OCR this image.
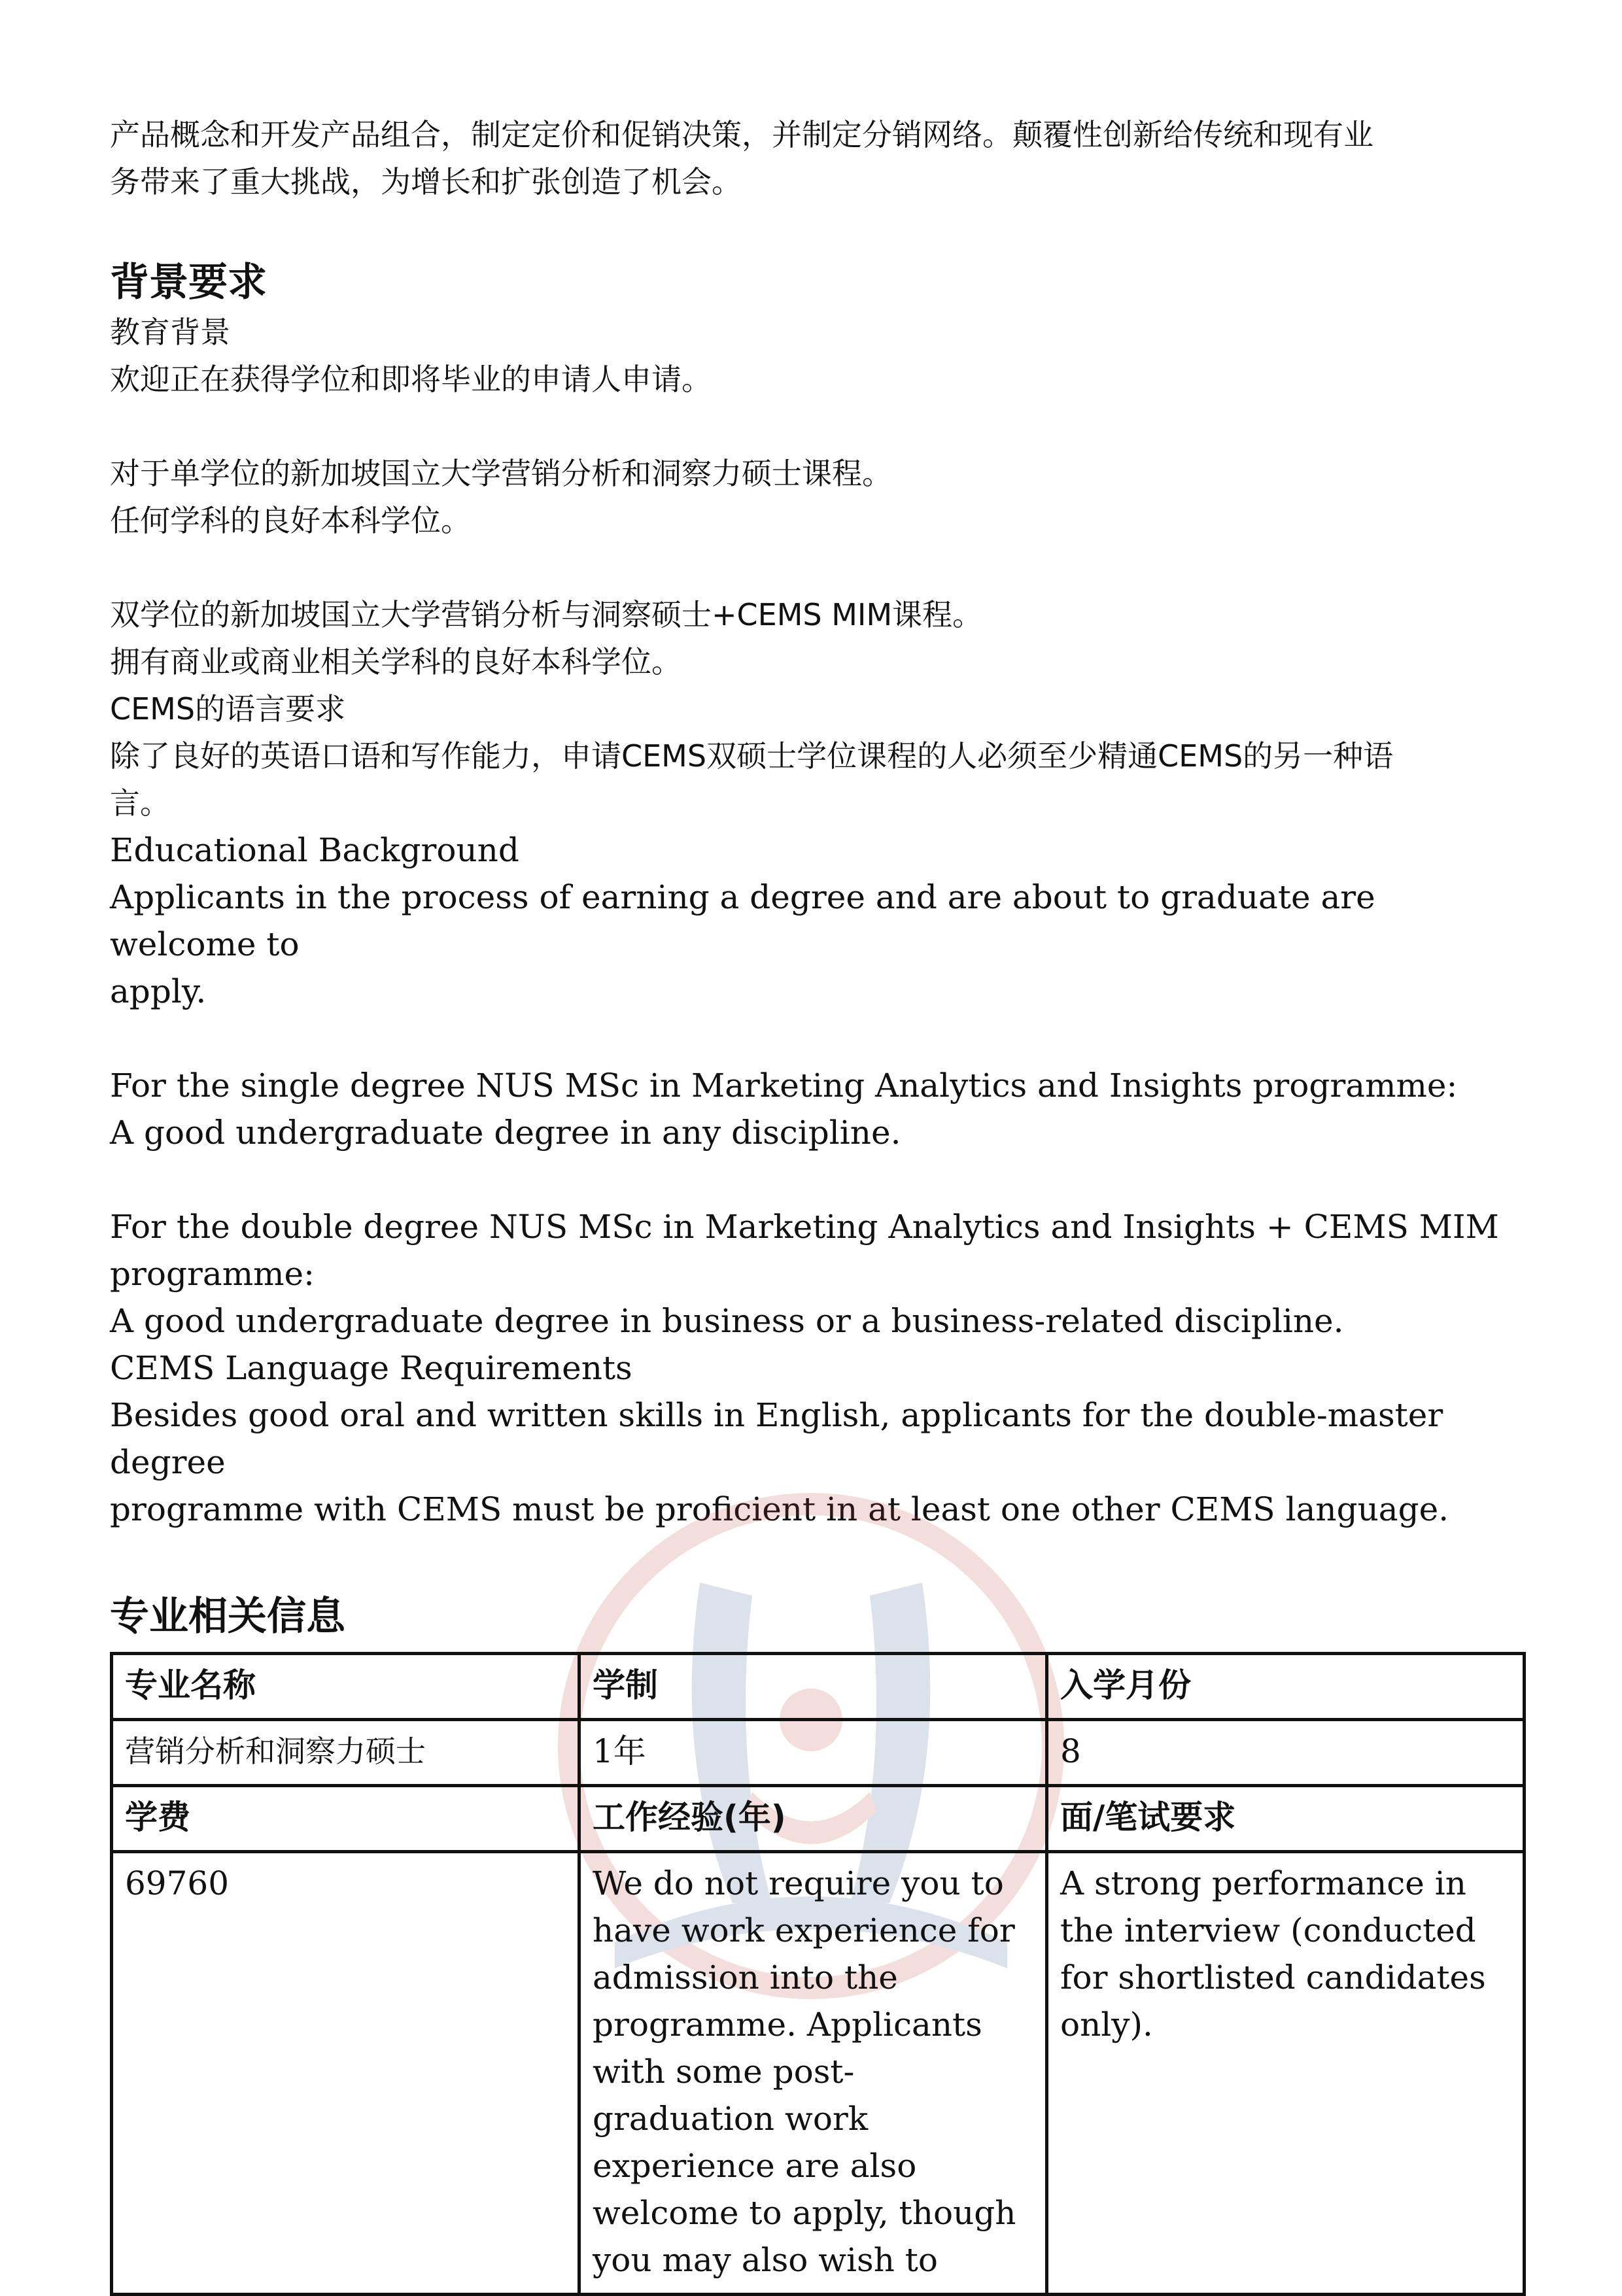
产品概念和开发产品组合，制定定价和促销决策，并制定分销网络。颠覆性创新给传统和现有业

务带来了重大挑战，为增长和扩张创造了机会。

背景要求

教育背景

欢迎正在获得学位和即将毕业的申请人申请。

对于单学位的新加坡国立大学营销分析和洞察力硕士课程。

任何学科的良好本科学位。

双学位的新加坡国立大学营销分析与洞察硕士+CEMS MIM课程。

拥有商业或商业相关学科的良好本科学位。

CEMS的语言要求

除了良好的英语口语和写作能力，申请CEMS双硕士学位课程的人必须至少精通CEMS的另一种语

言。

Educational Background

Applicants in the process of earning a degree and are about to graduate are welcome to

apply.

For the single degree NUS MSc in Marketing Analytics and Insights programme:

A good undergraduate degree in any discipline.

For the double degree NUS MSc in Marketing Analytics and Insights + CEMS MIM

programme:

A good undergraduate degree in business or a business-related discipline.

CEMS Language Requirements

Besides good oral and written skills in English, applicants for the double-master degree

programme with CEMS must be proficient in at least one other CEMS language.

专业相关信息
专业名称	学制	入学月份
营销分析和洞察力硕士	1年	8
学费	工作经验(年)	面/笔试要求
69760	We do not require you to have work experience for admission into the programme. Applicants with some post-graduation work experience are also welcome to apply, though you may also wish to	A strong performance in the interview (conducted for shortlisted candidates only).
